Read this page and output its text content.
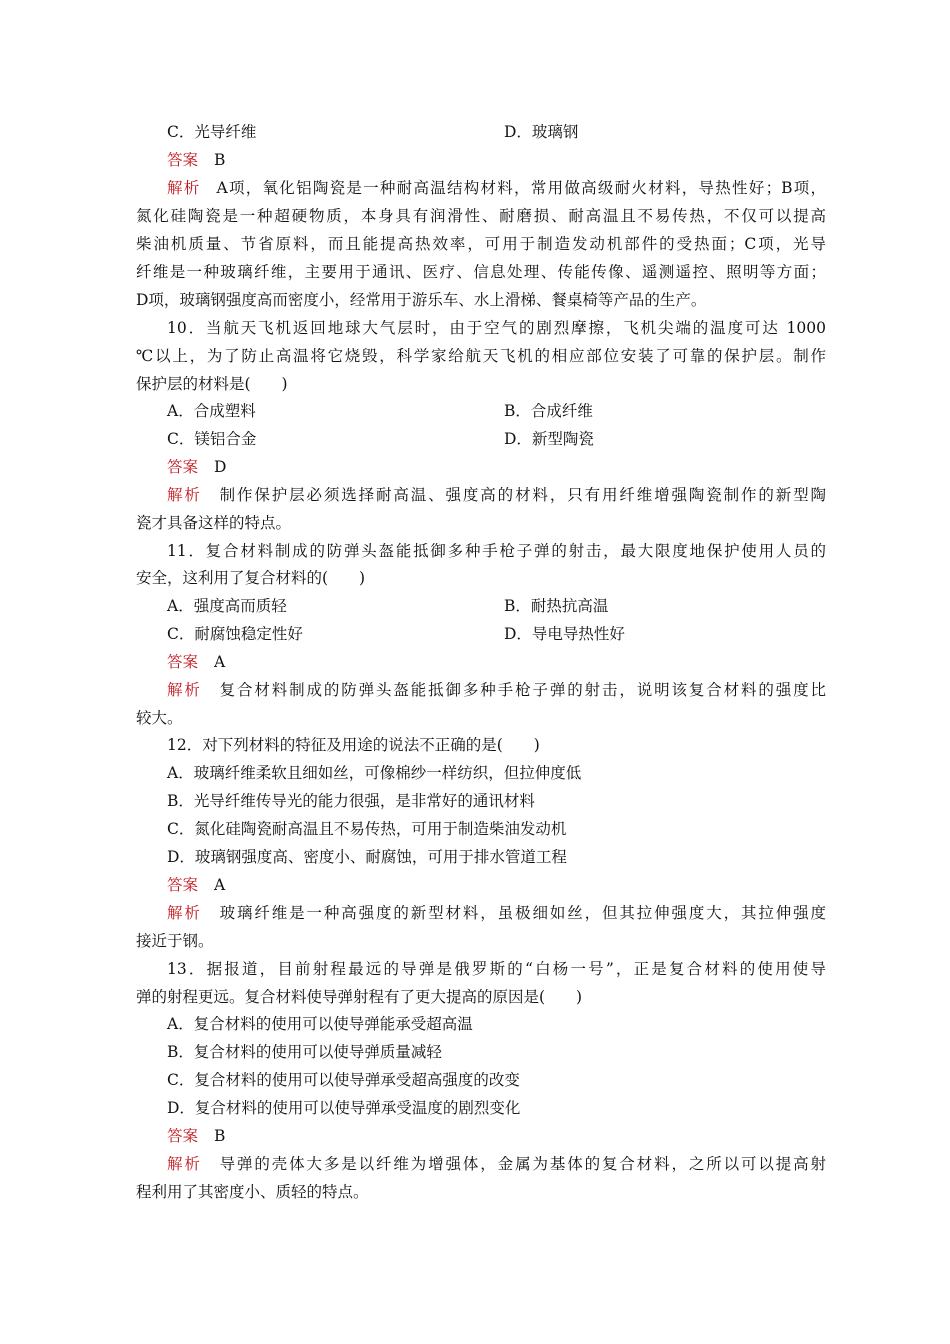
C．光导纤维	D．玻璃钢
答案 B
解析 A项，氧化铝陶瓷是一种耐高温结构材料，常用做高级耐火材料，导热性好；B项，
氮化硅陶瓷是一种超硬物质，本身具有润滑性、耐磨损、耐高温且不易传热，不仅可以提高
柴油机质量、节省原料，而且能提高热效率，可用于制造发动机部件的受热面；C项，光导
纤维是一种玻璃纤维，主要用于通讯、医疗、信息处理、传能传像、遥测遥控、照明等方面；
D项，玻璃钢强度高而密度小，经常用于游乐车、水上滑梯、餐桌椅等产品的生产。
10．当航天飞机返回地球大气层时，由于空气的剧烈摩擦，飞机尖端的温度可达 1000
℃以上，为了防止高温将它烧毁，科学家给航天飞机的相应部位安装了可靠的保护层。制作
保护层的材料是(　　)
A．合成塑料	B．合成纤维
C．镁铝合金	D．新型陶瓷
答案 D
解析 制作保护层必须选择耐高温、强度高的材料，只有用纤维增强陶瓷制作的新型陶
瓷才具备这样的特点。
11．复合材料制成的防弹头盔能抵御多种手枪子弹的射击，最大限度地保护使用人员的
安全，这利用了复合材料的(　　)
A．强度高而质轻	B．耐热抗高温
C．耐腐蚀稳定性好	D．导电导热性好
答案 A
解析 复合材料制成的防弹头盔能抵御多种手枪子弹的射击，说明该复合材料的强度比
较大。
12．对下列材料的特征及用途的说法不正确的是(　　)
A．玻璃纤维柔软且细如丝，可像棉纱一样纺织，但拉伸度低
B．光导纤维传导光的能力很强，是非常好的通讯材料
C．氮化硅陶瓷耐高温且不易传热，可用于制造柴油发动机
D．玻璃钢强度高、密度小、耐腐蚀，可用于排水管道工程
答案 A
解析 玻璃纤维是一种高强度的新型材料，虽极细如丝，但其拉伸强度大，其拉伸强度
接近于钢。
13．据报道，目前射程最远的导弹是俄罗斯的“白杨一号”，正是复合材料的使用使导
弹的射程更远。复合材料使导弹射程有了更大提高的原因是(　　)
A．复合材料的使用可以使导弹能承受超高温
B．复合材料的使用可以使导弹质量减轻
C．复合材料的使用可以使导弹承受超高强度的改变
D．复合材料的使用可以使导弹承受温度的剧烈变化
答案 B
解析 导弹的壳体大多是以纤维为增强体，金属为基体的复合材料，之所以可以提高射
程利用了其密度小、质轻的特点。
